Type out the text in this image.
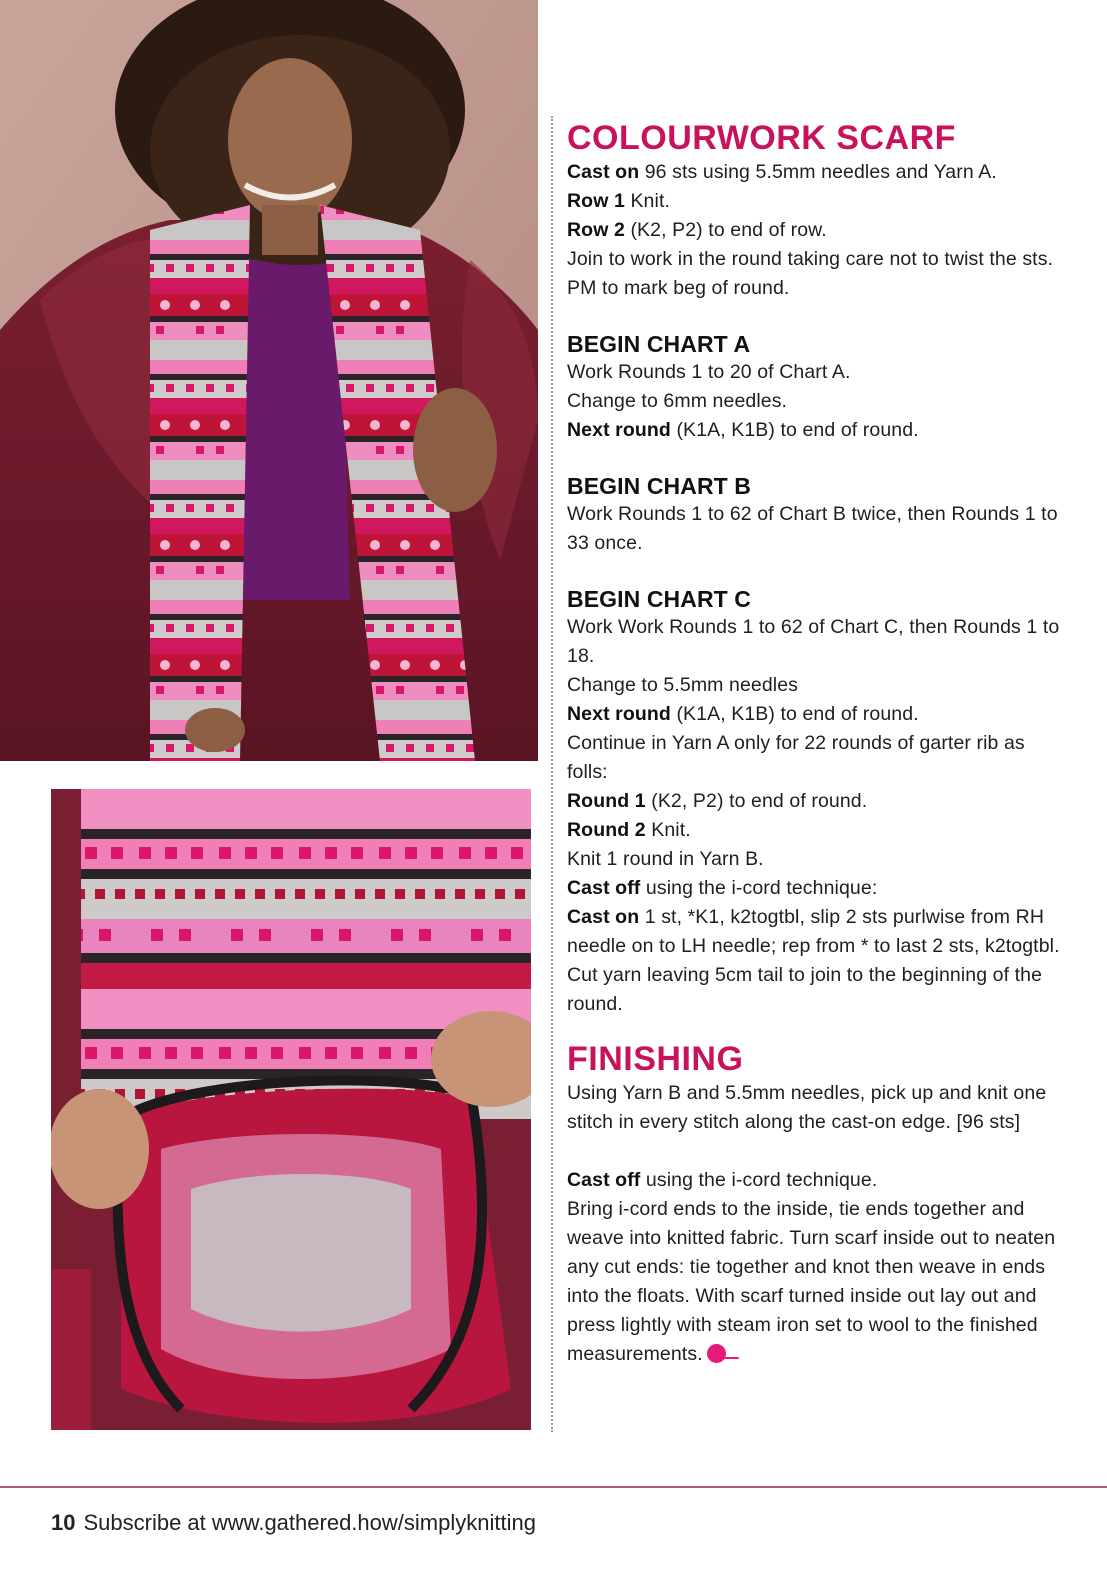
COLOURWORK SCARF

Cast on 96 sts using 5.5mm needles and Yarn A.

Row 1 Knit.

Row 2 (K2, P2) to end of row.

Join to work in the round taking care not to twist the sts. PM to mark beg of round.

BEGIN CHART A

Work Rounds 1 to 20 of Chart A.

Change to 6mm needles.

Next round (K1A, K1B) to end of round.

BEGIN CHART B

Work Rounds 1 to 62 of Chart B twice, then Rounds 1 to 33 once.

BEGIN CHART C

Work Work Rounds 1 to 62 of Chart C, then Rounds 1 to 18.

Change to 5.5mm needles

Next round (K1A, K1B) to end of round.

Continue in Yarn A only for 22 rounds of garter rib as folls:

Round 1 (K2, P2) to end of round.

Round 2 Knit.

Knit 1 round in Yarn B.

Cast off using the i-cord technique:

Cast on 1 st, *K1, k2togtbl, slip 2 sts purlwise from RH needle on to LH needle; rep from * to last 2 sts, k2togtbl. Cut yarn leaving 5cm tail to join to the beginning of the round.

FINISHING

Using Yarn B and 5.5mm needles, pick up and knit one stitch in every stitch along the cast-on edge. [96 sts]

Cast off using the i-cord technique.

Bring i-cord ends to the inside, tie ends together and weave into knitted fabric. Turn scarf inside out to neaten any cut ends: tie together and knot then weave in ends into the floats. With scarf turned inside out lay out and press lightly with steam iron set to wool to the finished measurements.

10 Subscribe at www.gathered.how/simplyknitting
